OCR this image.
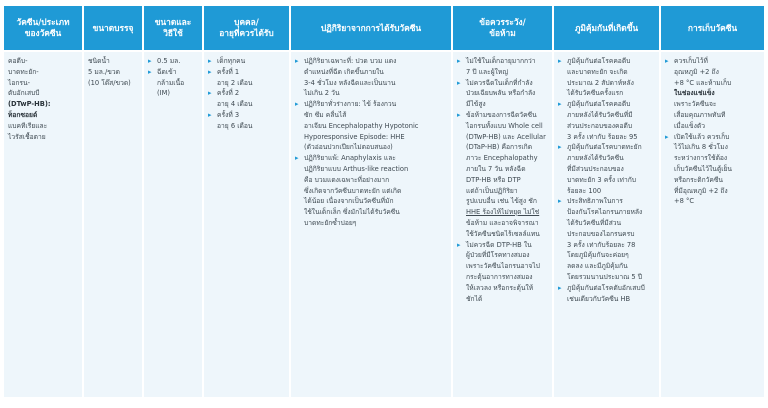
วัคซีน/ประเภท
ของวัคซีน
ขนาดบรรจุ
ขนาดและ
วิธีใช้
บุคคล/
อายุที่ควรได้รับ
ปฏิกิริยาจากการได้รับวัคซีน
ข้อควรระวัง/
ข้อห้าม
ภูมิคุ้มกันที่เกิดขึ้น	การเก็บวัคซีน
คอตีบ-
บาดทะยัก-
ไอกรน-
ตับอักเสบบี
(DTwP-HB):
ท็อกซอยด์
แบคทีเรียและ
ไวรัสเชื้อตาย
ชนิดน้ำ
5 มล./ขวด
(10 โด๊ส/ขวด)
▸ 0.5 มล.
▸ ฉีดเข้า
กล้ามเนื้อ
(IM)
▸ เด็กทุกคน
▸ ครั้งที่ 1
อายุ 2 เดือน
▸ ครั้งที่ 2
อายุ 4 เดือน
▸ ครั้งที่ 3
อายุ 6 เดือน
▸ ปฏิกิริยาเฉพาะที่: ปวด บวม แดง
ตำแหน่งที่ฉีด เกิดขึ้นภายใน
3-4 ชั่วโมง หลังฉีดและเป็นนาน
ไม่เกิน 2 วัน
▸ ปฏิกิริยาทั่วร่างกาย: ไข้ ร้องกวน
ซัก ซึม คลื่นไส้
อาเจียน Encephalopathy Hypotonic
Hyporesponsive Episode: HHE
(ตัวอ่อนปวกเปียกไม่ตอบสนอง)
▸ ปฏิกิริยาแพ้: Anaphylaxis และ
ปฏิกิริยาแบบ Arthus-like reaction
คือ บวมแดงเฉพาะที่อย่างมาก
ซึ่งเกิดจากวัคซีนบาดทะยัก แต่เกิด
ได้น้อย เนื่องจากเป็นวัคซีนที่มัก
ใช้ในเด็กเล็ก ซึ่งมักไม่ได้รับวัคซีน
บาดทะยักซ้ำบ่อยๆ
▸ ไม่ใช้ในเด็กอายุมากกว่า
7 ปี และผู้ใหญ่
▸ ไม่ควรฉีดในเด็กที่กำลัง
ป่วยเฉียบพลัน หรือกำลัง
มีไข้สูง
▸ ข้อห้ามของการฉีดวัคซีน
ไอกรนทั้งแบบ Whole cell
(DTwP-HB) และ Acellular
(DTaP-HB) คือการเกิด
ภาวะ Encephalopathy
ภายใน 7 วัน หลังฉีด
DTP-HB หรือ DTP
แต่ถ้าเป็นปฏิกิริยา
รูปแบบอื่น เช่น ไข้สูง ชัก
HHE ร้องไห้ไม่หยุด ไม่ใช่
ข้อห้าม และอาจพิจารณา
ใช้วัคซีนชนิดไร้เซลล์แทน
▸ ไม่ควรฉีด DTP-HB ใน
ผู้ป่วยที่มีโรคทางสมอง
เพราะวัคซีนไอกรนอาจไป
กระตุ้นอาการทางสมอง
ให้เลวลง หรือกระตุ้นให้
ชักได้
▸ ภูมิคุ้มกันต่อโรคคอตีบ
และบาดทะยัก จะเกิด
ประมาณ 2 สัปดาห์หลัง
ได้รับวัคซีนครั้งแรก
▸ ภูมิคุ้มกันต่อโรคคอตีบ
ภายหลังได้รับวัคซีนที่มี
ส่วนประกอบของคอตีบ
3 ครั้ง เท่ากับ ร้อยละ 95
▸ ภูมิคุ้มกันต่อโรคบาดทะยัก
ภายหลังได้รับวัคซีน
ที่มีส่วนประกอบของ
บาดทะยัก 3 ครั้ง เท่ากับ
ร้อยละ 100
▸ ประสิทธิภาพในการ
ป้องกันโรคไอกรนภายหลัง
ได้รับวัคซีนที่มีส่วน
ประกอบของไอกรนครบ
3 ครั้ง เท่ากับร้อยละ 78
โดยภูมิคุ้มกันจะค่อยๆ
ลดลง และมีภูมิคุ้มกัน
โดยรวมนานประมาณ 5 ปี
▸ ภูมิคุ้มกันต่อโรคตับอักเสบบี
เช่นเดียวกับวัคซีน HB
▸ ควรเก็บไว้ที่
อุณหภูมิ +2 ถึง
+8 °C และห้ามเก็บ
ในช่องแช่แข็ง
เพราะวัคซีนจะ
เสื่อมคุณภาพทันที
เมื่อแข็งตัว
▸ เปิดใช้แล้ว ควรเก็บ
ไว้ไม่เกิน 8 ชั่วโมง
ระหว่างการใช้ต้อง
เก็บวัคซีนไว้ในตู้เย็น
หรือกระติกวัคซีน
ที่มีอุณหภูมิ +2 ถึง
+8 °C
